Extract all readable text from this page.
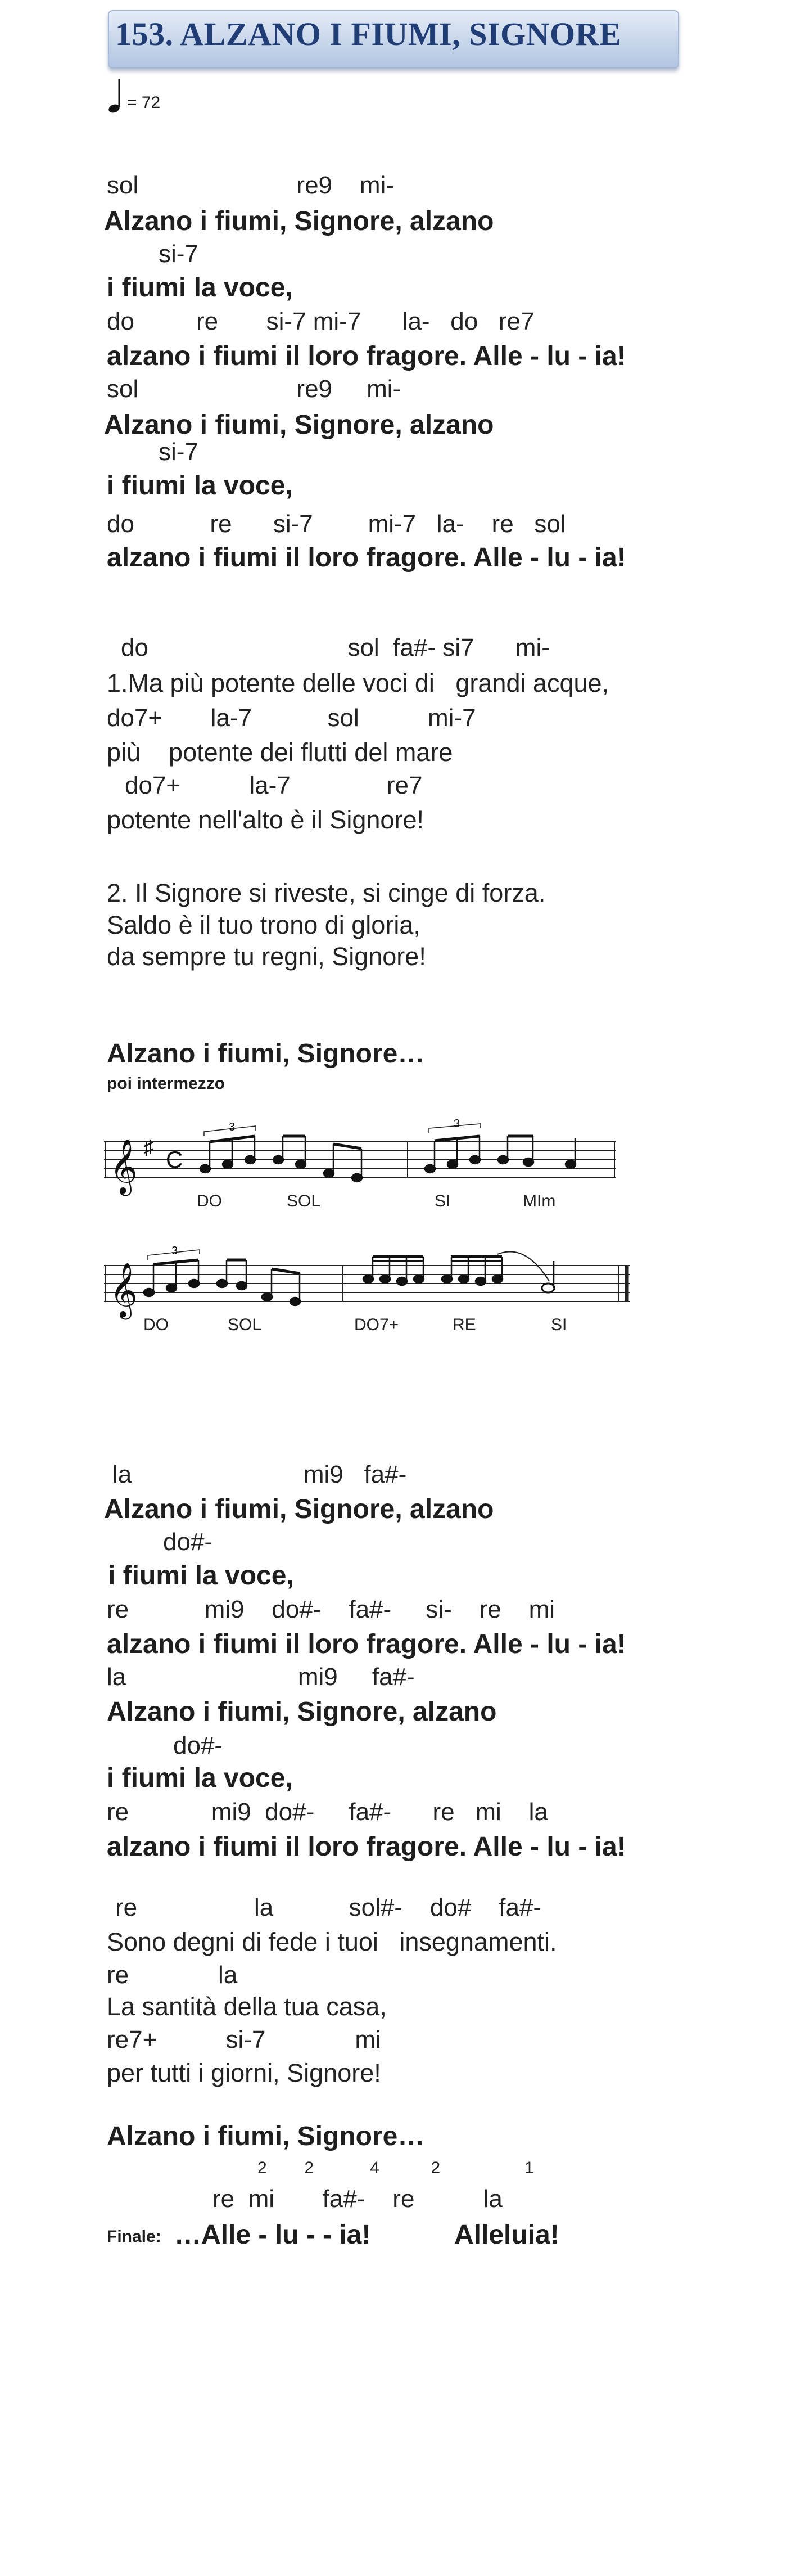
153. ALZANO I FIUMI, SIGNORE
= 72
sol                       re9    mi-
Alzano i fiumi, Signore, alzano
si-7
i fiumi la voce,
do         re       si-7 mi-7      la-   do   re7
alzano i fiumi il loro fragore. Alle - lu - ia!
sol                       re9     mi-
Alzano i fiumi, Signore, alzano
si-7
i fiumi la voce,
do           re      si-7        mi-7   la-    re   sol
alzano i fiumi il loro fragore. Alle - lu - ia!
do                             sol  fa#- si7      mi-
1.Ma più potente delle voci di   grandi acque,
do7+       la-7           sol          mi-7
più    potente dei flutti del mare
do7+          la-7              re7
potente nell'alto è il Signore!
2. Il Signore si riveste, si cinge di forza.
Saldo è il tuo trono di gloria,
da sempre tu regni, Signore!
Alzano i fiumi, Signore…
poi intermezzo
𝄞 ♯ C
3	3
DO	SOL	SI	MIm
𝄞
3
DO	SOL	DO7+	RE	SI
la                         mi9   fa#-
Alzano i fiumi, Signore, alzano
do#-
i fiumi la voce,
re           mi9    do#-    fa#-     si-    re    mi
alzano i fiumi il loro fragore. Alle - lu - ia!
la                         mi9     fa#-
Alzano i fiumi, Signore, alzano
do#-
i fiumi la voce,
re            mi9  do#-     fa#-      re   mi    la
alzano i fiumi il loro fragore. Alle - lu - ia!
re                 la           sol#-    do#    fa#-
Sono degni di fede i tuoi   insegnamenti.
re             la
La santità della tua casa,
re7+          si-7             mi
per tutti i giorni, Signore!
Alzano i fiumi, Signore…
2        2            4           2                  1
re  mi       fa#-    re          la
Finale: …Alle - lu - - ia!	Alleluia!
